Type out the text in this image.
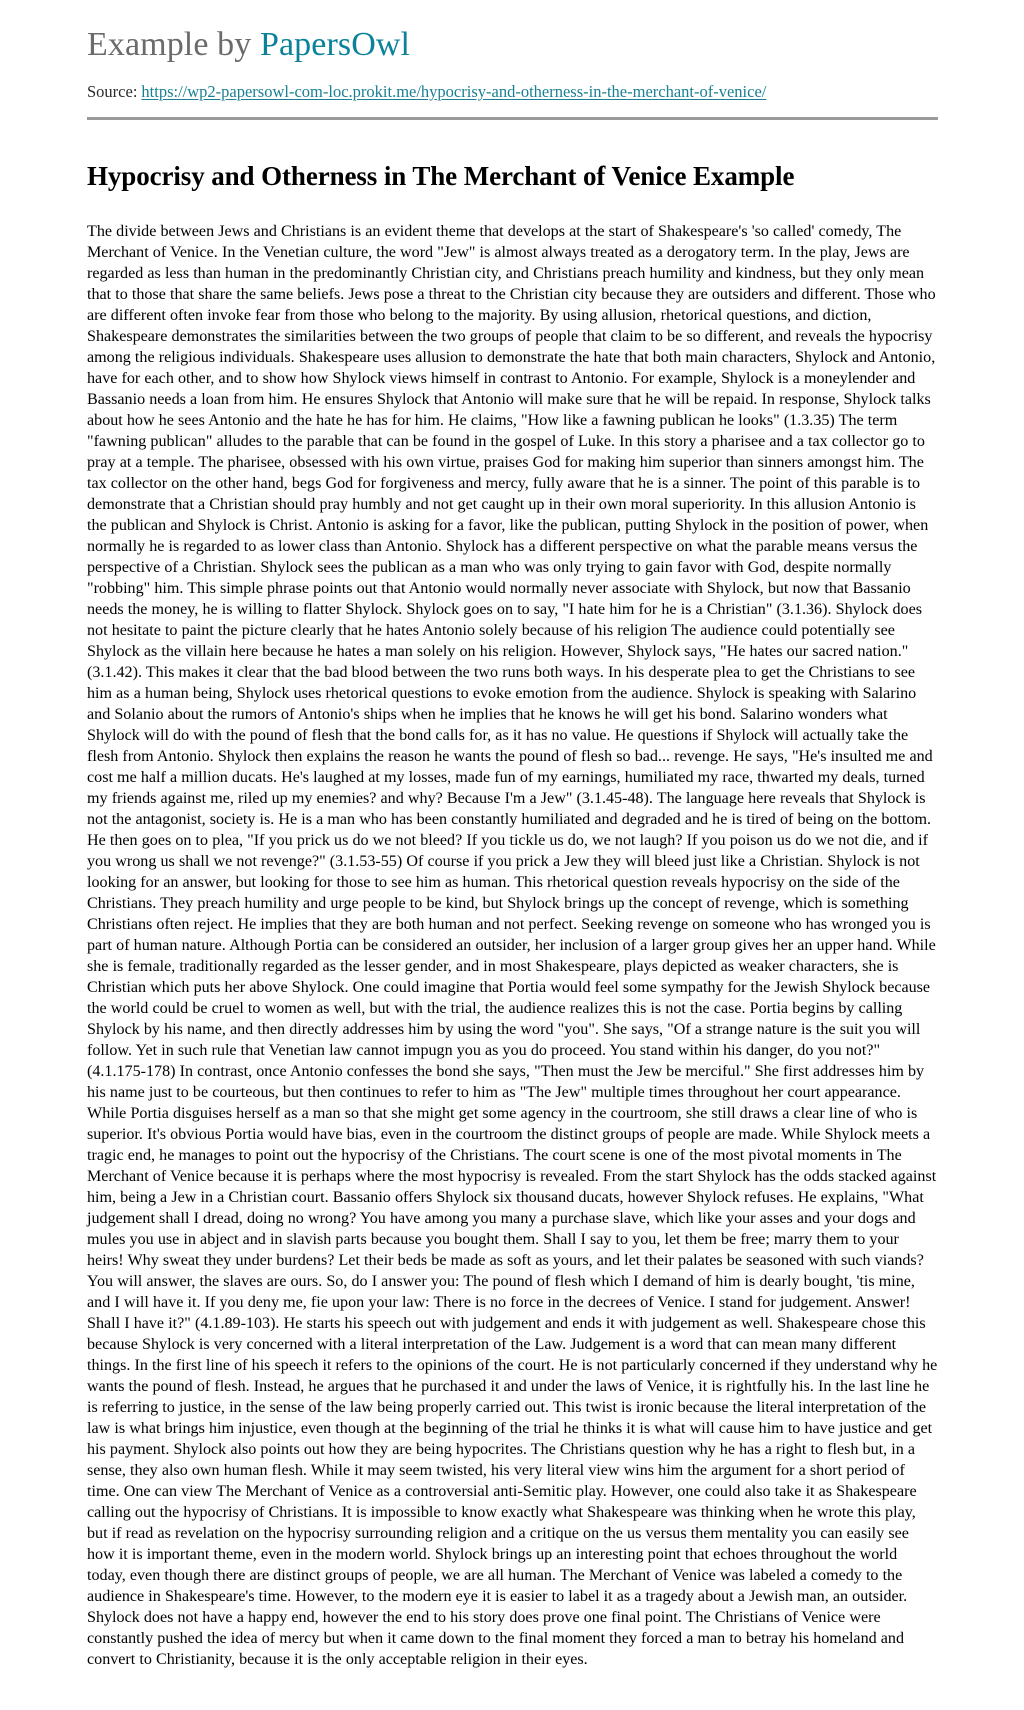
Example by PapersOwl
Source: https://wp2-papersowl-com-loc.prokit.me/hypocrisy-and-otherness-in-the-merchant-of-venice/
Hypocrisy and Otherness in The Merchant of Venice Example

The divide between Jews and Christians is an evident theme that develops at the start of Shakespeare's 'so called' comedy, The Merchant of Venice. In the Venetian culture, the word "Jew" is almost always treated as a derogatory term. In the play, Jews are regarded as less than human in the predominantly Christian city, and Christians preach humility and kindness, but they only mean that to those that share the same beliefs. Jews pose a threat to the Christian city because they are outsiders and different. Those who are different often invoke fear from those who belong to the majority. By using allusion, rhetorical questions, and diction, Shakespeare demonstrates the similarities between the two groups of people that claim to be so different, and reveals the hypocrisy among the religious individuals. Shakespeare uses allusion to demonstrate the hate that both main characters, Shylock and Antonio, have for each other, and to show how Shylock views himself in contrast to Antonio. For example, Shylock is a moneylender and Bassanio needs a loan from him. He ensures Shylock that Antonio will make sure that he will be repaid. In response, Shylock talks about how he sees Antonio and the hate he has for him. He claims, "How like a fawning publican he looks" (1.3.35) The term "fawning publican" alludes to the parable that can be found in the gospel of Luke. In this story a pharisee and a tax collector go to pray at a temple. The pharisee, obsessed with his own virtue, praises God for making him superior than sinners amongst him. The tax collector on the other hand, begs God for forgiveness and mercy, fully aware that he is a sinner. The point of this parable is to demonstrate that a Christian should pray humbly and not get caught up in their own moral superiority. In this allusion Antonio is the publican and Shylock is Christ. Antonio is asking for a favor, like the publican, putting Shylock in the position of power, when normally he is regarded to as lower class than Antonio. Shylock has a different perspective on what the parable means versus the perspective of a Christian. Shylock sees the publican as a man who was only trying to gain favor with God, despite normally "robbing" him. This simple phrase points out that Antonio would normally never associate with Shylock, but now that Bassanio needs the money, he is willing to flatter Shylock. Shylock goes on to say, "I hate him for he is a Christian" (3.1.36). Shylock does not hesitate to paint the picture clearly that he hates Antonio solely because of his religion The audience could potentially see Shylock as the villain here because he hates a man solely on his religion. However, Shylock says, "He hates our sacred nation." (3.1.42). This makes it clear that the bad blood between the two runs both ways. In his desperate plea to get the Christians to see him as a human being, Shylock uses rhetorical questions to evoke emotion from the audience. Shylock is speaking with Salarino and Solanio about the rumors of Antonio's ships when he implies that he knows he will get his bond. Salarino wonders what Shylock will do with the pound of flesh that the bond calls for, as it has no value. He questions if Shylock will actually take the flesh from Antonio. Shylock then explains the reason he wants the pound of flesh so bad... revenge. He says, "He's insulted me and cost me half a million ducats. He's laughed at my losses, made fun of my earnings, humiliated my race, thwarted my deals, turned my friends against me, riled up my enemies? and why? Because I'm a Jew" (3.1.45-48). The language here reveals that Shylock is not the antagonist, society is. He is a man who has been constantly humiliated and degraded and he is tired of being on the bottom. He then goes on to plea, "If you prick us do we not bleed? If you tickle us do, we not laugh? If you poison us do we not die, and if you wrong us shall we not revenge?" (3.1.53-55) Of course if you prick a Jew they will bleed just like a Christian. Shylock is not looking for an answer, but looking for those to see him as human. This rhetorical question reveals hypocrisy on the side of the Christians. They preach humility and urge people to be kind, but Shylock brings up the concept of revenge, which is something Christians often reject. He implies that they are both human and not perfect. Seeking revenge on someone who has wronged you is part of human nature. Although Portia can be considered an outsider, her inclusion of a larger group gives her an upper hand. While she is female, traditionally regarded as the lesser gender, and in most Shakespeare, plays depicted as weaker characters, she is Christian which puts her above Shylock. One could imagine that Portia would feel some sympathy for the Jewish Shylock because the world could be cruel to women as well, but with the trial, the audience realizes this is not the case. Portia begins by calling Shylock by his name, and then directly addresses him by using the word "you". She says, "Of a strange nature is the suit you will follow. Yet in such rule that Venetian law cannot impugn you as you do proceed. You stand within his danger, do you not?" (4.1.175-178) In contrast, once Antonio confesses the bond she says, "Then must the Jew be merciful." She first addresses him by his name just to be courteous, but then continues to refer to him as "The Jew" multiple times throughout her court appearance. While Portia disguises herself as a man so that she might get some agency in the courtroom, she still draws a clear line of who is superior. It's obvious Portia would have bias, even in the courtroom the distinct groups of people are made. While Shylock meets a tragic end, he manages to point out the hypocrisy of the Christians. The court scene is one of the most pivotal moments in The Merchant of Venice because it is perhaps where the most hypocrisy is revealed. From the start Shylock has the odds stacked against him, being a Jew in a Christian court. Bassanio offers Shylock six thousand ducats, however Shylock refuses. He explains, "What judgement shall I dread, doing no wrong? You have among you many a purchase slave, which like your asses and your dogs and mules you use in abject and in slavish parts because you bought them. Shall I say to you, let them be free; marry them to your heirs! Why sweat they under burdens? Let their beds be made as soft as yours, and let their palates be seasoned with such viands? You will answer, the slaves are ours. So, do I answer you: The pound of flesh which I demand of him is dearly bought, 'tis mine, and I will have it. If you deny me, fie upon your law: There is no force in the decrees of Venice. I stand for judgement. Answer! Shall I have it?" (4.1.89-103). He starts his speech out with judgement and ends it with judgement as well. Shakespeare chose this because Shylock is very concerned with a literal interpretation of the Law. Judgement is a word that can mean many different things. In the first line of his speech it refers to the opinions of the court. He is not particularly concerned if they understand why he wants the pound of flesh. Instead, he argues that he purchased it and under the laws of Venice, it is rightfully his. In the last line he is referring to justice, in the sense of the law being properly carried out. This twist is ironic because the literal interpretation of the law is what brings him injustice, even though at the beginning of the trial he thinks it is what will cause him to have justice and get his payment. Shylock also points out how they are being hypocrites. The Christians question why he has a right to flesh but, in a sense, they also own human flesh. While it may seem twisted, his very literal view wins him the argument for a short period of time. One can view The Merchant of Venice as a controversial anti-Semitic play. However, one could also take it as Shakespeare calling out the hypocrisy of Christians. It is impossible to know exactly what Shakespeare was thinking when he wrote this play, but if read as revelation on the hypocrisy surrounding religion and a critique on the us versus them mentality you can easily see how it is important theme, even in the modern world. Shylock brings up an interesting point that echoes throughout the world today, even though there are distinct groups of people, we are all human. The Merchant of Venice was labeled a comedy to the audience in Shakespeare's time. However, to the modern eye it is easier to label it as a tragedy about a Jewish man, an outsider. Shylock does not have a happy end, however the end to his story does prove one final point. The Christians of Venice were constantly pushed the idea of mercy but when it came down to the final moment they forced a man to betray his homeland and convert to Christianity, because it is the only acceptable religion in their eyes.
